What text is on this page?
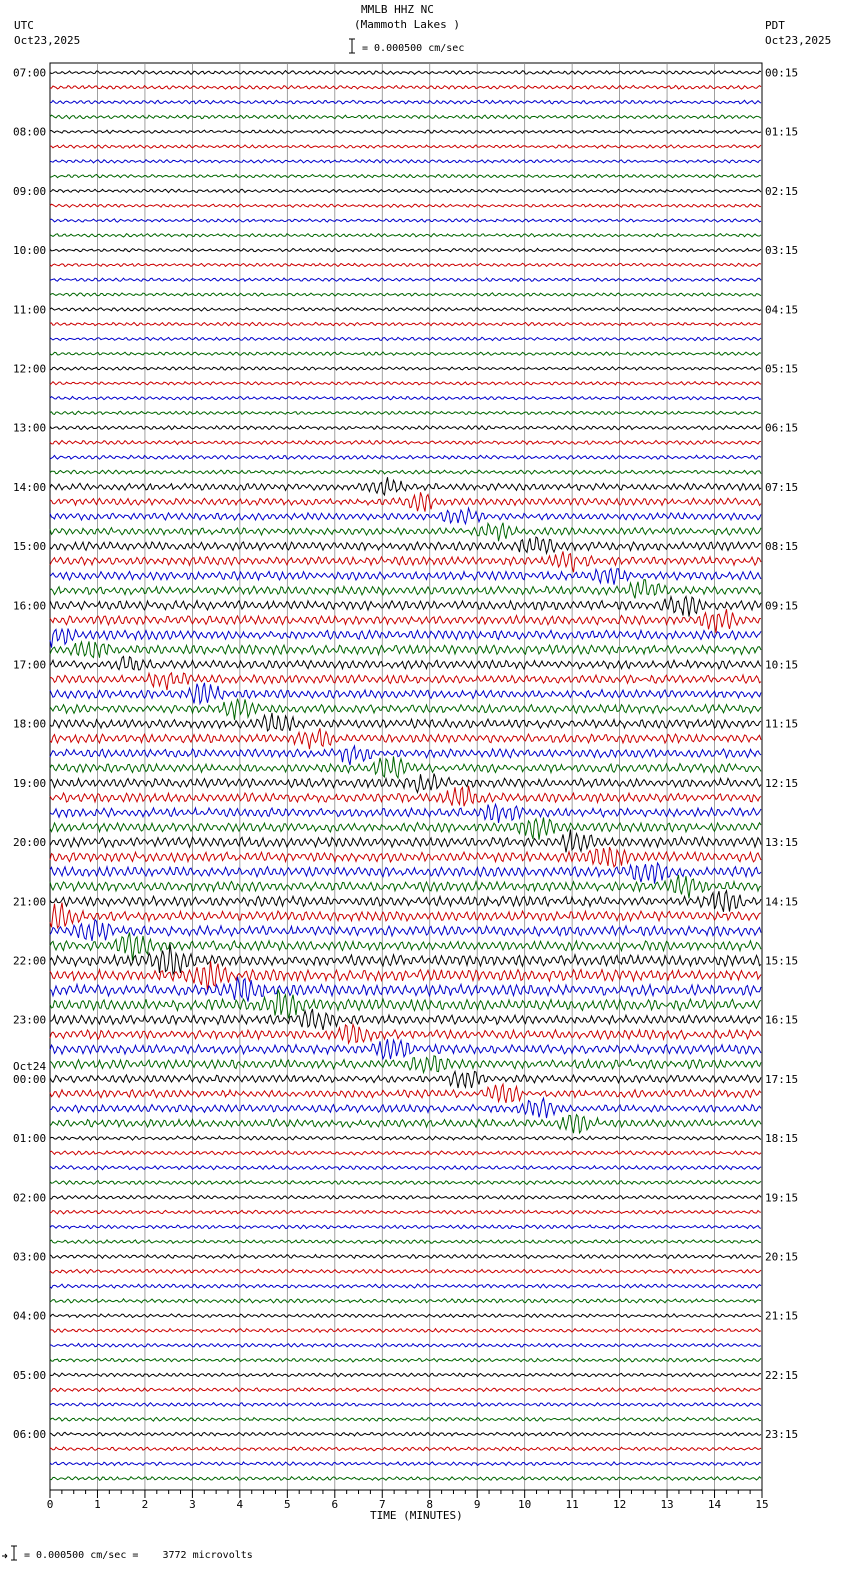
MMLB HHZ NC
(Mammoth Lakes )
UTC
Oct23,2025
PDT
Oct23,2025
= 0.000500 cm/sec
TIME (MINUTES)
= 0.000500 cm/sec =    3772 microvolts
0	1	2	3	4	5	6	7	8	9	10	11	12	13	14	15
07:00
08:00
09:00
10:00
11:00
12:00
13:00
14:00
15:00
16:00
17:00
18:00
19:00
20:00
21:00
22:00
23:00
00:00
Oct24
01:00
02:00
03:00
04:00
05:00
06:00
00:15
01:15
02:15
03:15
04:15
05:15
06:15
07:15
08:15
09:15
10:15
11:15
12:15
13:15
14:15
15:15
16:15
17:15
18:15
19:15
20:15
21:15
22:15
23:15
